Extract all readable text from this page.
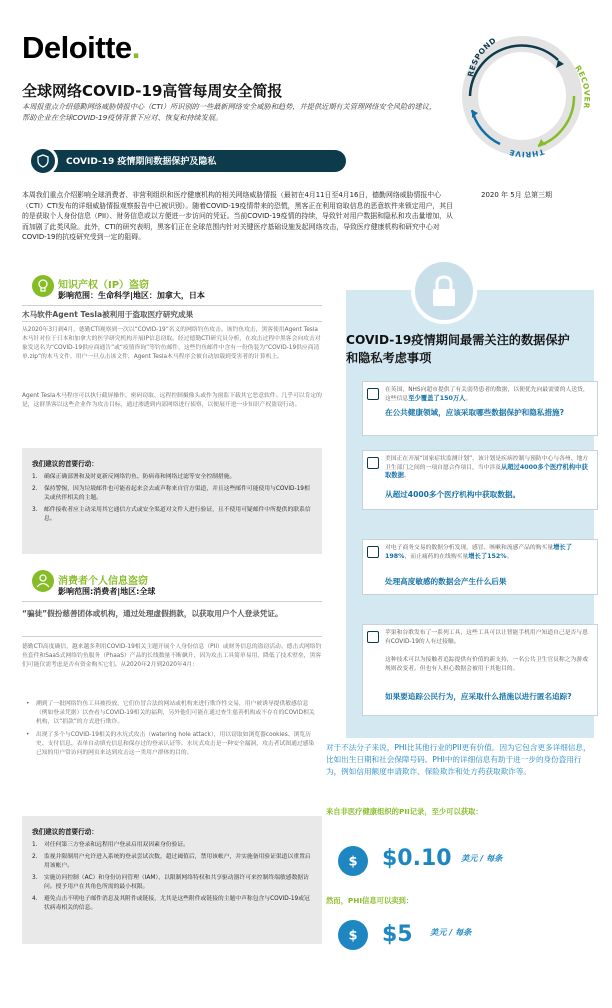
Deloitte.
全球网络COVID-19高管每周安全简报
本周报重点介绍德勤网络威胁情报中心（CTI）所识别的一些最新网络安全威胁和趋势，并提供近期有关管理网络安全风险的建议，帮助企业在全球COVID-19疫情背景下应对、恢复和持续发展。
RESPOND
RECOVER
THRIVE
COVID-19 疫情期间数据保护及隐私
本周我们重点介绍影响全球消费者、非营利组织和医疗健康机构的相关网络威胁情报（最初在4月11日至4月16日，德勤网络威胁情报中心（CTI）CTI发布的详细威胁情报观察报告中已被识别）。随着COVID-19疫情带来的恐慌，黑客正在利用窃取信息的恶意软件来锁定用户，其目的是获取个人身份信息（PII）、财务信息或以方便进一步访问的凭证。当前COVID-19疫情的持续，导致针对用户数据和隐私和攻击量增加，从而加剧了此类风险。此外，CTI的研究表明，黑客们正在全球范围内针对关键医疗基础设施发起网络攻击，导致医疗健康机构和研究中心对COVID-19的抗疫研究受到一定的阻碍。
2020 年 5月 总第三期
知识产权（IP）盗窃
影响范围：生命科学|地区：加拿大，日本
木马软件Agent Tesla被利用于盗取医疗研究成果
从2020年3月到4月，德勤CTI观察到一次以“COVID-19”名义的网络钓鱼攻击。该钓鱼攻击，黑客使用Agent Tesla木马针对位于日本和加拿大的医学研究机构开展IP信息窃取。经过德勤CTI研究员分析，在攻击过程中黑客会向攻击对象发送名为“COVID-19供应商通告”或“疫情咨询”等钓鱼邮件，这些钓鱼邮件中含有一份伪装为“COVID-19供应商清单.zip”的木马文件，用户一旦点击该文件，Agent Tesla木马程序会被自动加载到受害者的计算机上。
Agent Tesla木马程序可以执行截屏操作、密码窃取、远程控制摄像头或作为窗监下载其它恶意软件。几乎可以肯定的是，这群黑客以这些企业作为攻击目标，通过渗透到内部网络进行侦察，以便展开进一步知识产权盗窃行动。
我们建议的首要行动：
1.	确保正确部署和及时更新反网络钓鱼、防病毒和网络过滤等安全控制措施。
2.	保持警惕，因为垃圾邮件也可能看起来会去或声称来自官方渠道，并且这些邮件可能使用与COVID-19相关或伙伴相关的主题。
3.	邮件接收者应主动采用其它通信方式或安全渠道对文件人进行验证，且不使用可疑邮件中所提供的联系信息。
消费者个人信息盗窃
影响范围:消费者|地区:全球
“骗徒”假扮慈善团体或机构，通过处理虚假捐款，以获取用户个人登录凭证。
德勤CTI高度确信，越来越多利用COVID-19相关主题开展个人身份信息（PII）或财务信息的盗窃活动。德击式网络钓鱼套件和SaaS式网络钓鱼服务（PhaaS）产品的长线数量不断飙升，因为攻击工具简单易用，降低了技术壁垒，黑客们可能仅需考虑是否有资金购买它们。从2020年2月到2020年4月：
•	溯到了一批网络钓鱼工具被投放，它们仿冒合法的网站或机构来进行欺诈性交易，用户被诱导提供敏感信息（例如登录凭据）以查看与COVID-19相关的福利，另外他们可能在通过查生慈善机构或不存在的COVID相关机构，以“捐款”的方式进行欺诈。
•	出现了多个与COVID-19相关的水坑式攻击（watering hole attack），用以窃取如浏览器cookies、浏览历史、支付信息、表单自动填充信息和保存过的登录认证等。水坑式攻击是一种安全漏洞，攻击者试图通过感染已知的用户常访问的网页来达到攻击这一类用户群体的目的。
我们建议的首要行动：
1.	对任何第三方登录和远程用户登录启用双因素身份验证。
2.	监视并限制用户允许进入系统的登录尝试次数，超过阈值后，禁用该帐户，并实施备用验证渠道以重置启用该帐户。
3.	实施访问控制（AC）和身份访问管理（IAM），以限制网络特权和共享驱动器许可来控制终端敏感数据访问。授予用户在其角色所需的最小权限。
4.	避免点击不明电子邮件消息及其附件或链接，尤其是这些附件或链接的主题中声称包含与COVID-19或冠状病毒相关的信息。
COVID-19疫情期间最需关注的数据保护和隐私考虑事项
在英国，NHS向超市提供了有关弱势患者的数据，以便优先向最需要的人送货，这些信息至少覆盖了150万人。
在公共健康领域，应该采取哪些数据保护和隐私措施?
美国正在开展“国家症状监测计划”，该计划是疾病控制与预防中心与各州、地方卫生部门之间的一项自愿合作项目，当中涉及从超过4000多个医疗机构中获取数据。
从超过4000多个医疗机构中获取数据。
对电子商务交易的数据分析发现，感冒、咳嗽和流感产品的购买量增长了 198%，而止痛药的在线购买量增长了152%。
处理高度敏感的数据会产生什么后果
苹果和谷歌发布了一系列工具，这些工具可以让智能手机用户知道自己是否与患有COVID-19的人有过接触。
这种技术可以为接触者追踪提供有价值的新支持，一名公共卫生官员称之为游戏规则改变者。但也有人担心数据会被用于其他目的。
如果要追踪公民行为，应采取什么措施以进行匿名追踪?
对于不法分子来说，PHI比其他行业的PII更有价值。因为它包含更多详细信息，比如出生日期和社会保障号码。PHI中的详细信息有助于进一步的身份盗用行为，例如信用额度申请欺诈、保险欺诈和处方药获取欺诈等。
来自非医疗健康组织的PII记录，至少可以获取：
$ $0.10 美元 / 每条
然而，PHI信息可以卖到：
$ $5 美元 / 每条
